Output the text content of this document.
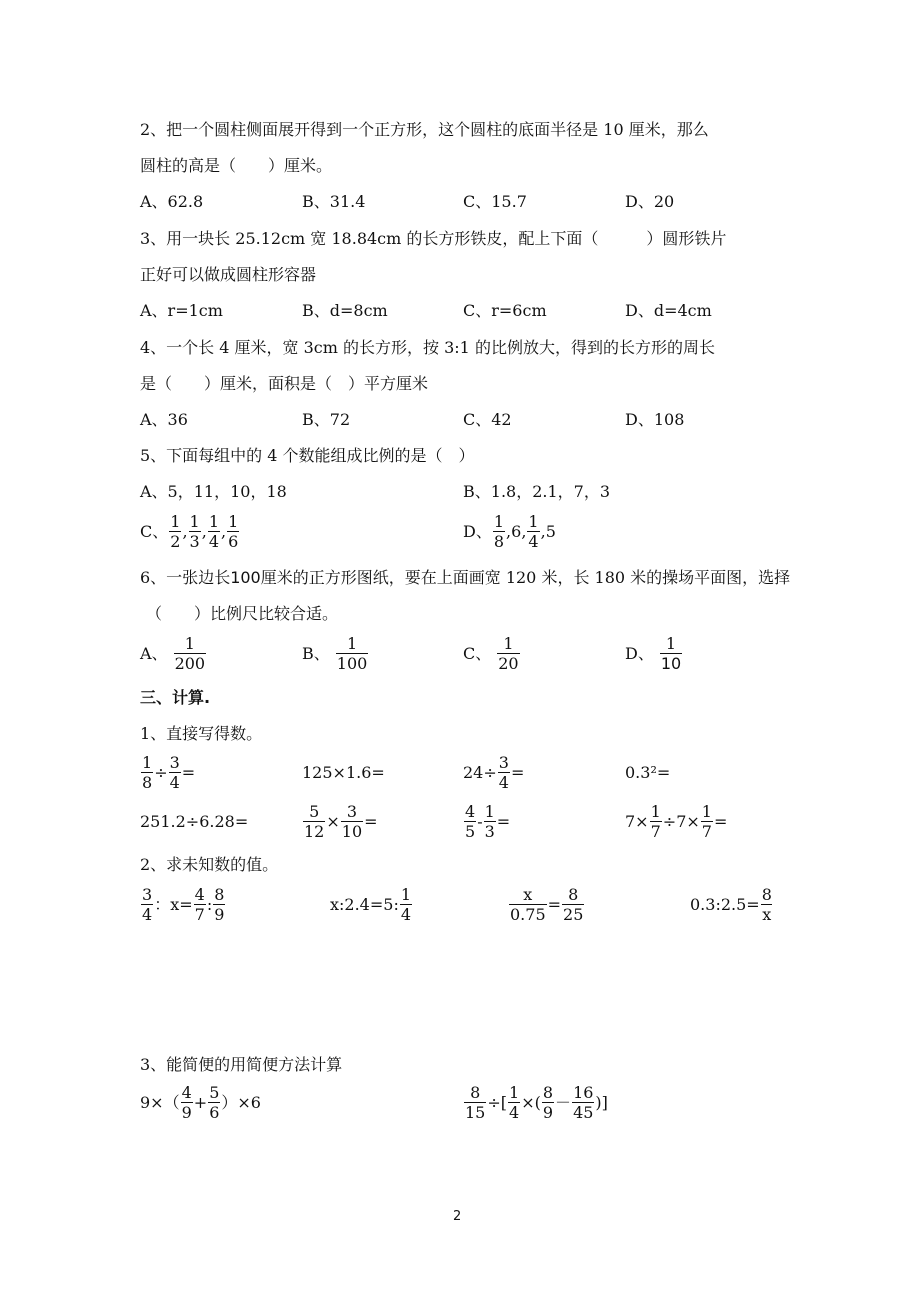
2、把一个圆柱侧面展开得到一个正方形，这个圆柱的底面半径是 10 厘米，那么
圆柱的高是（　　）厘米。
A、62.8	B、31.4	C、15.7	D、20
3、用一块长 25.12cm 宽 18.84cm 的长方形铁皮，配上下面（　　　）圆形铁片
正好可以做成圆柱形容器
A、r=1cm	B、d=8cm	C、r=6cm	D、d=4cm
4、一个长 4 厘米，宽 3cm 的长方形，按 3:1 的比例放大，得到的长方形的周长
是（　　）厘米，面积是（　）平方厘米
A、36	B、72	C、42	D、108
5、下面每组中的 4 个数能组成比例的是（　）
A、5，11，10，18	B、1.8，2.1，7，3
C、 $\frac{1}{2}$ , $\frac{1}{3}$ , $\frac{1}{4}$ , $\frac{1}{6}$	D、 $\frac{1}{8} ,6$, $\frac{1}{4} ,5$
6、一张边长100厘米的正方形图纸，要在上面画宽 120 米，长 180 米的操场平面图，选择
（　　）比例尺比较合适。
A、 $\frac{1}{200}$	B、 $\frac{1}{100}$	C、 $\frac{1}{20}$	D、 $\frac{1}{10}$
三、计算.
1、直接写得数。
$\frac{1}{8} \div \frac{3}{4}$ =	125×1.6=	$24\div \frac{3}{4}$ =	0.3²=
251.2÷6.28=	$\frac{5}{12} \times \frac{3}{10}$ =	$\frac{4}{5} - \frac{1}{3}$ =	$7\times \frac{1}{7} \div 7\times \frac{1}{7}$ =
2、求未知数的值。
$\frac{3}{4}$ ：$x= \frac{4}{7}$ : $\frac{8}{9}$	x:2.4=5: $\frac{1}{4}$	$\frac{x}{0.75} = \frac{8}{25}$	0.3:2.5= $\frac{8}{x}$
3、能简便的用简便方法计算
$9\times( \frac{4}{9} + \frac{5}{6} )\times 6$	$\frac{8}{15}$ ÷[ $\frac{1}{4}$ ×( $\frac{8}{9} - \frac{16}{45}$ )]
2
